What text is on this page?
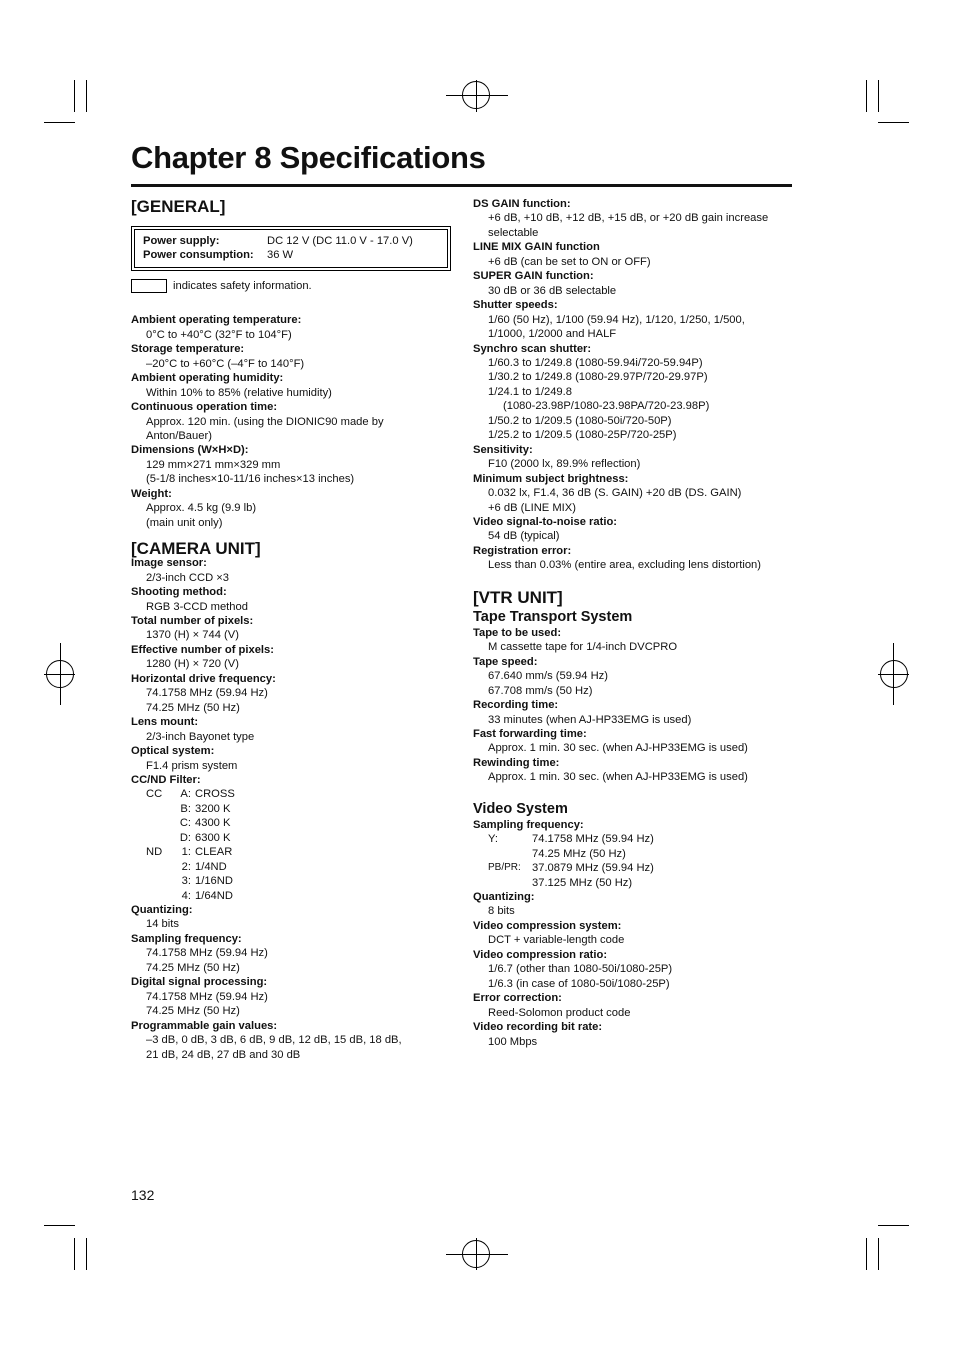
Chapter 8 Specifications
[GENERAL]
Power supply:	DC 12 V (DC 11.0 V - 17.0 V)
Power consumption:	36 W
indicates safety information.
Ambient operating temperature:
0°C to +40°C (32°F to 104°F)
Storage temperature:
–20°C to +60°C (–4°F to 140°F)
Ambient operating humidity:
Within 10% to 85% (relative humidity)
Continuous operation time:
Approx. 120 min. (using the DIONIC90 made by
Anton/Bauer)
Dimensions (W×H×D):
129 mm×271 mm×329 mm
(5-1/8 inches×10-11/16 inches×13 inches)
Weight:
Approx. 4.5 kg (9.9 lb)
(main unit only)
[CAMERA UNIT]
Image sensor:
2/3-inch CCD ×3
Shooting method:
RGB 3-CCD method
Total number of pixels:
1370 (H) × 744 (V)
Effective number of pixels:
1280 (H) × 720 (V)
Horizontal drive frequency:
74.1758 MHz (59.94 Hz)
74.25 MHz (50 Hz)
Lens mount:
2/3-inch Bayonet type
Optical system:
F1.4 prism system
CC/ND Filter:
CC	A: CROSS
B: 3200 K
C: 4300 K
D: 6300 K
ND	1: CLEAR
2: 1/4ND
3: 1/16ND
4: 1/64ND
Quantizing:
14 bits
Sampling frequency:
74.1758 MHz (59.94 Hz)
74.25 MHz (50 Hz)
Digital signal processing:
74.1758 MHz (59.94 Hz)
74.25 MHz (50 Hz)
Programmable gain values:
–3 dB, 0 dB, 3 dB, 6 dB, 9 dB, 12 dB, 15 dB, 18 dB,
21 dB, 24 dB, 27 dB and 30 dB
DS GAIN function:
+6 dB, +10 dB, +12 dB, +15 dB, or +20 dB gain increase
selectable
LINE MIX GAIN function
+6 dB (can be set to ON or OFF)
SUPER GAIN function:
30 dB or 36 dB selectable
Shutter speeds:
1/60 (50 Hz), 1/100 (59.94 Hz), 1/120, 1/250, 1/500,
1/1000, 1/2000 and HALF
Synchro scan shutter:
1/60.3 to 1/249.8 (1080-59.94i/720-59.94P)
1/30.2 to 1/249.8 (1080-29.97P/720-29.97P)
1/24.1 to 1/249.8
(1080-23.98P/1080-23.98PA/720-23.98P)
1/50.2 to 1/209.5 (1080-50i/720-50P)
1/25.2 to 1/209.5 (1080-25P/720-25P)
Sensitivity:
F10 (2000 lx, 89.9% reflection)
Minimum subject brightness:
0.032 lx, F1.4, 36 dB (S. GAIN) +20 dB (DS. GAIN)
+6 dB (LINE MIX)
Video signal-to-noise ratio:
54 dB (typical)
Registration error:
Less than 0.03% (entire area, excluding lens distortion)
[VTR UNIT]
Tape Transport System
Tape to be used:
M cassette tape for 1/4-inch DVCPRO
Tape speed:
67.640 mm/s (59.94 Hz)
67.708 mm/s (50 Hz)
Recording time:
33 minutes (when AJ-HP33EMG is used)
Fast forwarding time:
Approx. 1 min. 30 sec. (when AJ-HP33EMG is used)
Rewinding time:
Approx. 1 min. 30 sec. (when AJ-HP33EMG is used)
Video System
Sampling frequency:
Y:	74.1758 MHz (59.94 Hz)
74.25 MHz (50 Hz)
PB/PR:	37.0879 MHz (59.94 Hz)
37.125 MHz (50 Hz)
Quantizing:
8 bits
Video compression system:
DCT + variable-length code
Video compression ratio:
1/6.7 (other than 1080-50i/1080-25P)
1/6.3 (in case of 1080-50i/1080-25P)
Error correction:
Reed-Solomon product code
Video recording bit rate:
100 Mbps
132
